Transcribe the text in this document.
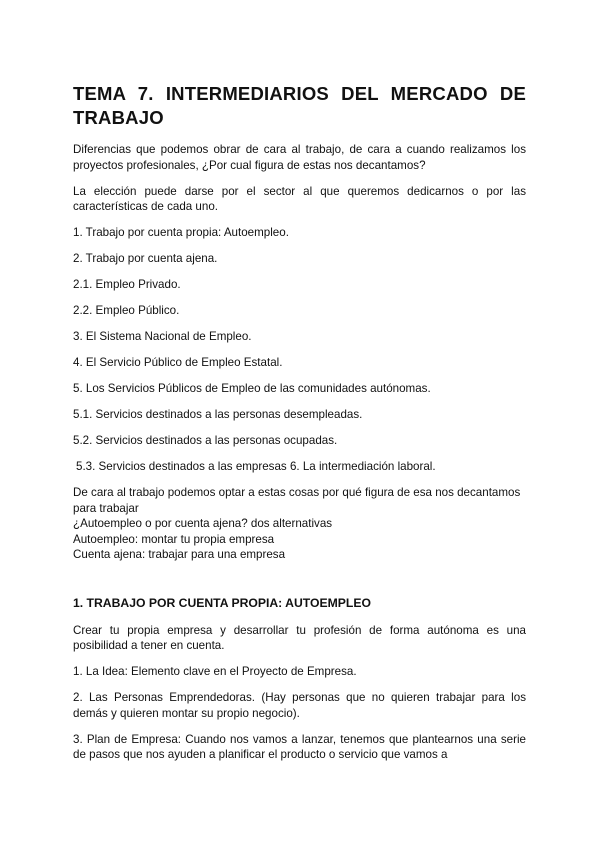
TEMA 7. INTERMEDIARIOS DEL MERCADO DE TRABAJO

Diferencias que podemos obrar de cara al trabajo, de cara a cuando realizamos los proyectos profesionales, ¿Por cual figura de estas nos decantamos?

La elección puede darse por el sector al que queremos dedicarnos o por las características de cada uno.

1. Trabajo por cuenta propia: Autoempleo.
2. Trabajo por cuenta ajena.
2.1. Empleo Privado.
2.2. Empleo Público.
3. El Sistema Nacional de Empleo.
4. El Servicio Público de Empleo Estatal.
5. Los Servicios Públicos de Empleo de las comunidades autónomas.
5.1. Servicios destinados a las personas desempleadas.
5.2. Servicios destinados a las personas ocupadas.
5.3. Servicios destinados a las empresas 6. La intermediación laboral.
De cara al trabajo podemos optar a estas cosas por qué figura de esa nos decantamos para trabajar
¿Autoempleo o por cuenta ajena? dos alternativas
Autoempleo: montar tu propia empresa
Cuenta ajena: trabajar para una empresa
1. TRABAJO POR CUENTA PROPIA: AUTOEMPLEO

Crear tu propia empresa y desarrollar tu profesión de forma autónoma es una posibilidad a tener en cuenta.

1. La Idea: Elemento clave en el Proyecto de Empresa.

2. Las Personas Emprendedoras. (Hay personas que no quieren trabajar para los demás y quieren montar su propio negocio).

3. Plan de Empresa: Cuando nos vamos a lanzar, tenemos que plantearnos una serie de pasos que nos ayuden a planificar el producto o servicio que vamos a
